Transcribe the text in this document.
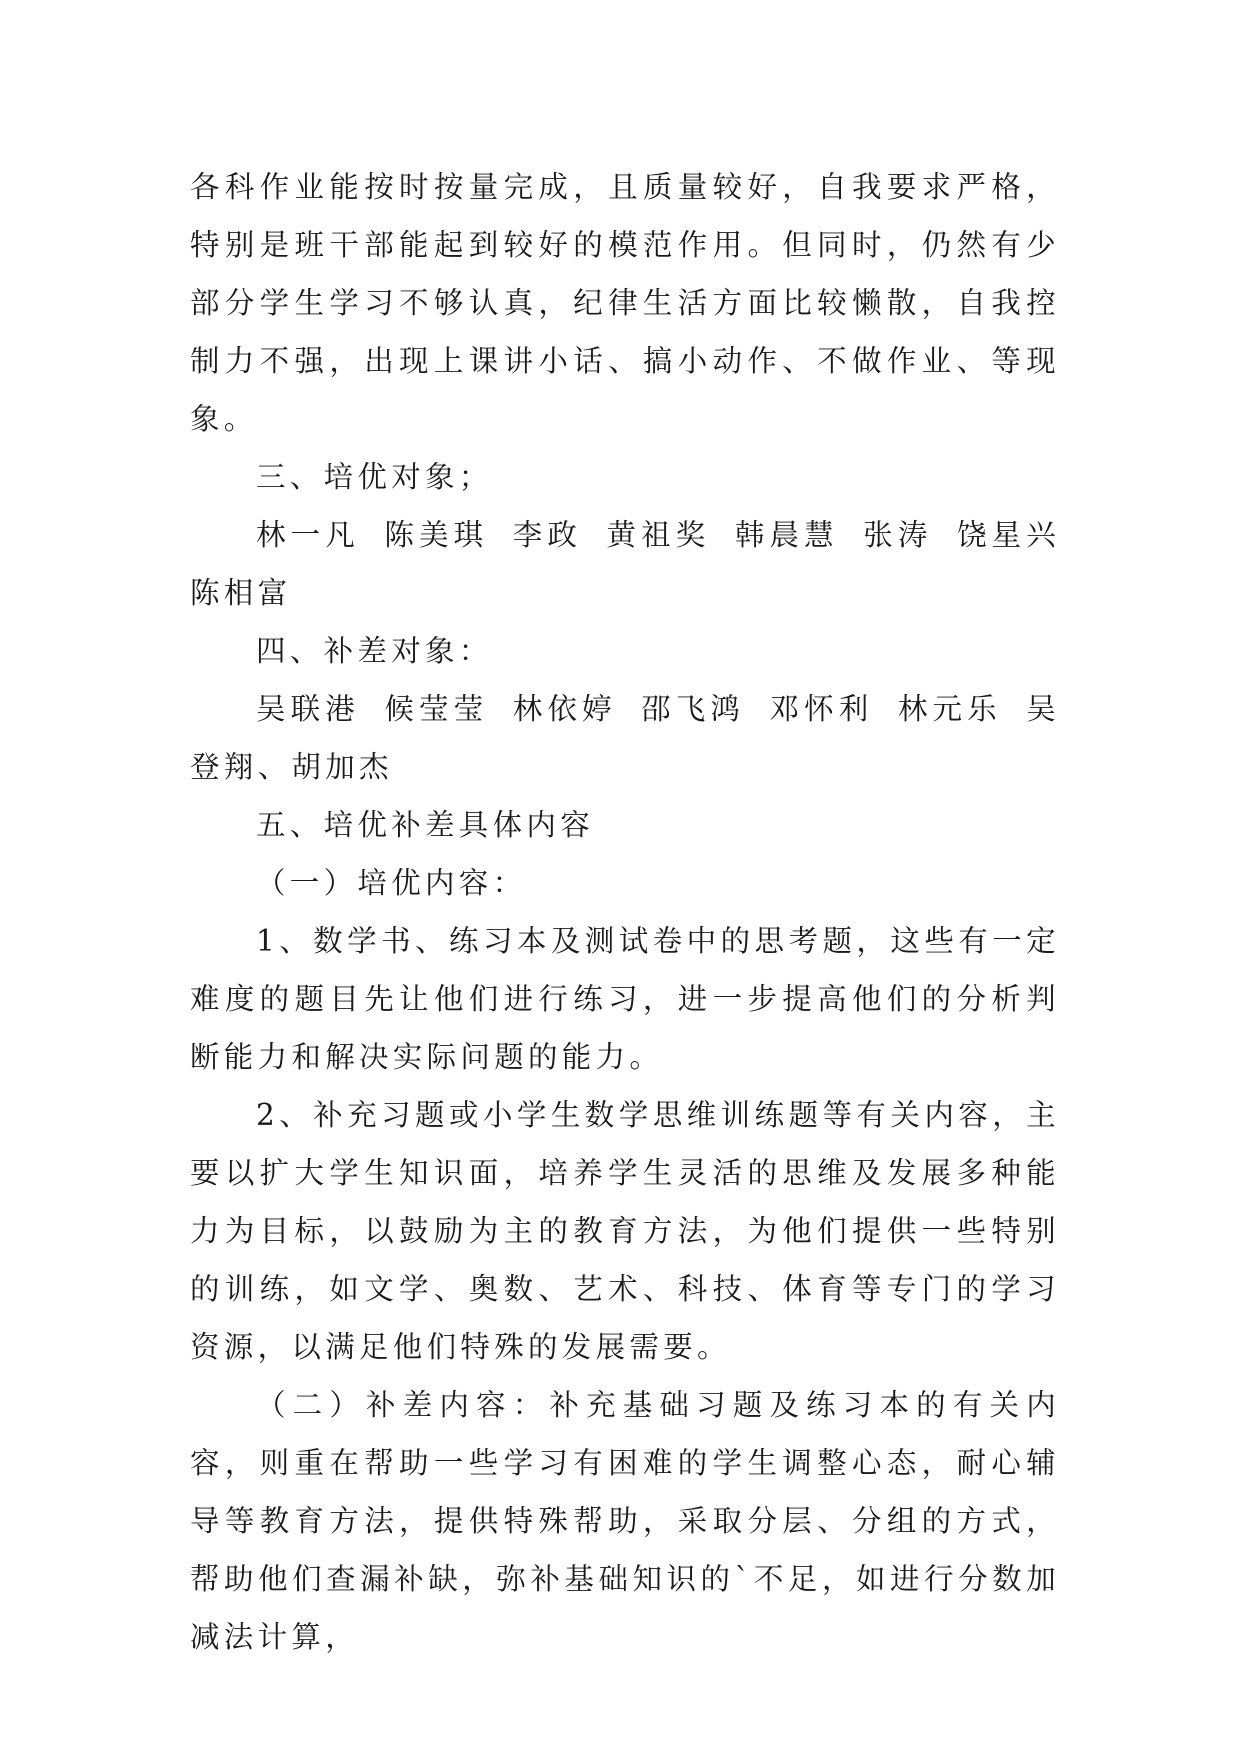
各科作业能按时按量完成，且质量较好，自我要求严格，特别是班干部能起到较好的模范作用。但同时，仍然有少部分学生学习不够认真，纪律生活方面比较懒散，自我控制力不强，出现上课讲小话、搞小动作、不做作业、等现象。

三、培优对象；

林一凡 陈美琪 李政 黄祖奖 韩晨慧 张涛 饶星兴 陈相富

四、补差对象：

吴联港 候莹莹 林依婷 邵飞鸿 邓怀利 林元乐 吴登翔、胡加杰

五、培优补差具体内容

（一）培优内容：

1、数学书、练习本及测试卷中的思考题，这些有一定难度的题目先让他们进行练习，进一步提高他们的分析判断能力和解决实际问题的能力。

2、补充习题或小学生数学思维训练题等有关内容，主要以扩大学生知识面，培养学生灵活的思维及发展多种能力为目标，以鼓励为主的教育方法，为他们提供一些特别的训练，如文学、奥数、艺术、科技、体育等专门的学习资源，以满足他们特殊的发展需要。

（二）补差内容：补充基础习题及练习本的有关内容，则重在帮助一些学习有困难的学生调整心态，耐心辅导等教育方法，提供特殊帮助，采取分层、分组的方式，帮助他们查漏补缺，弥补基础知识的`不足，如进行分数加减法计算，
